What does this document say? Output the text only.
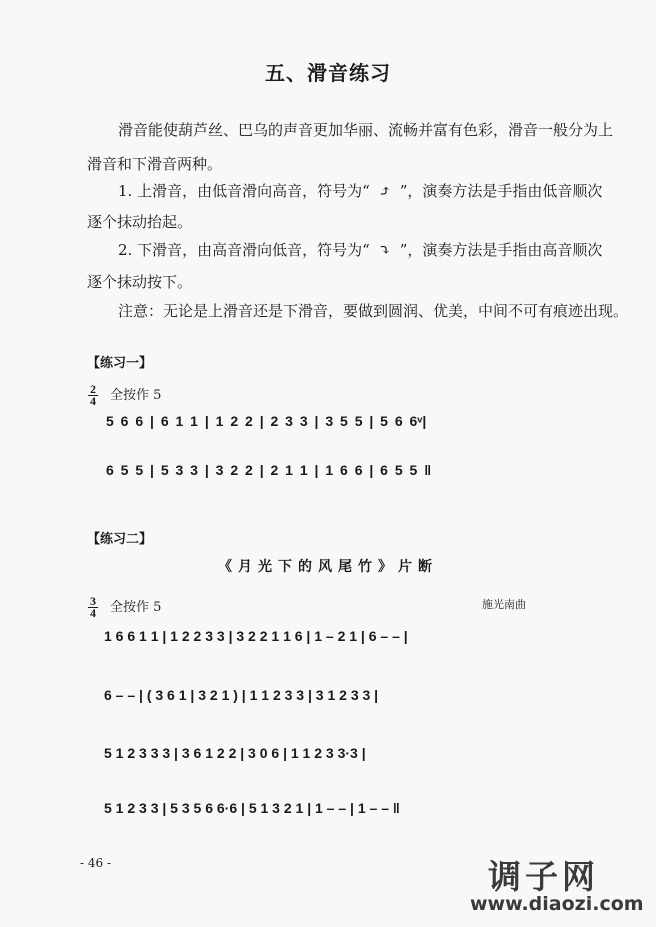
五、滑音练习
滑音能使葫芦丝、巴乌的声音更加华丽、流畅并富有色彩，滑音一般分为上
滑音和下滑音两种。
1. 上滑音，由低音滑向高音，符号为“ ⤴ ”，演奏方法是手指由低音顺次
逐个抹动抬起。
2. 下滑音，由高音滑向低音，符号为“ ⤵ ”，演奏方法是手指由高音顺次
逐个抹动按下。
注意：无论是上滑音还是下滑音，要做到圆润、优美，中间不可有痕迹出现。
【练习一】
2
4 全按作 5
5 6 6 | 6 1 1 | 1 2 2 | 2 3 3 | 3 5 5 | 5 6 6ᵛ|
6 5 5 | 5 3 3 | 3 2 2 | 2 1 1 | 1 6 6 | 6 5 5 ‖
【练习二】
《月光下的风尾竹》片断
3
4 全按作 5	施光南曲
1 6 6 1 1 | 1 2 2 3 3 | 3 2 2 1 1 6 | 1 – 2 1 | 6 – – |
6 – – | ( 3 6 1 | 3 2 1 ) | 1 1 2 3 3 | 3 1 2 3 3 |
5 1 2 3 3 3 | 3 6 1 2 2 | 3 0 6 | 1 1 2 3 3·3 |
5 1 2 3 3 | 5 3 5 6 6·6 | 5 1 3 2 1 | 1 – – | 1 – – ‖
- 46 -	调子网
www.diaozi.com
